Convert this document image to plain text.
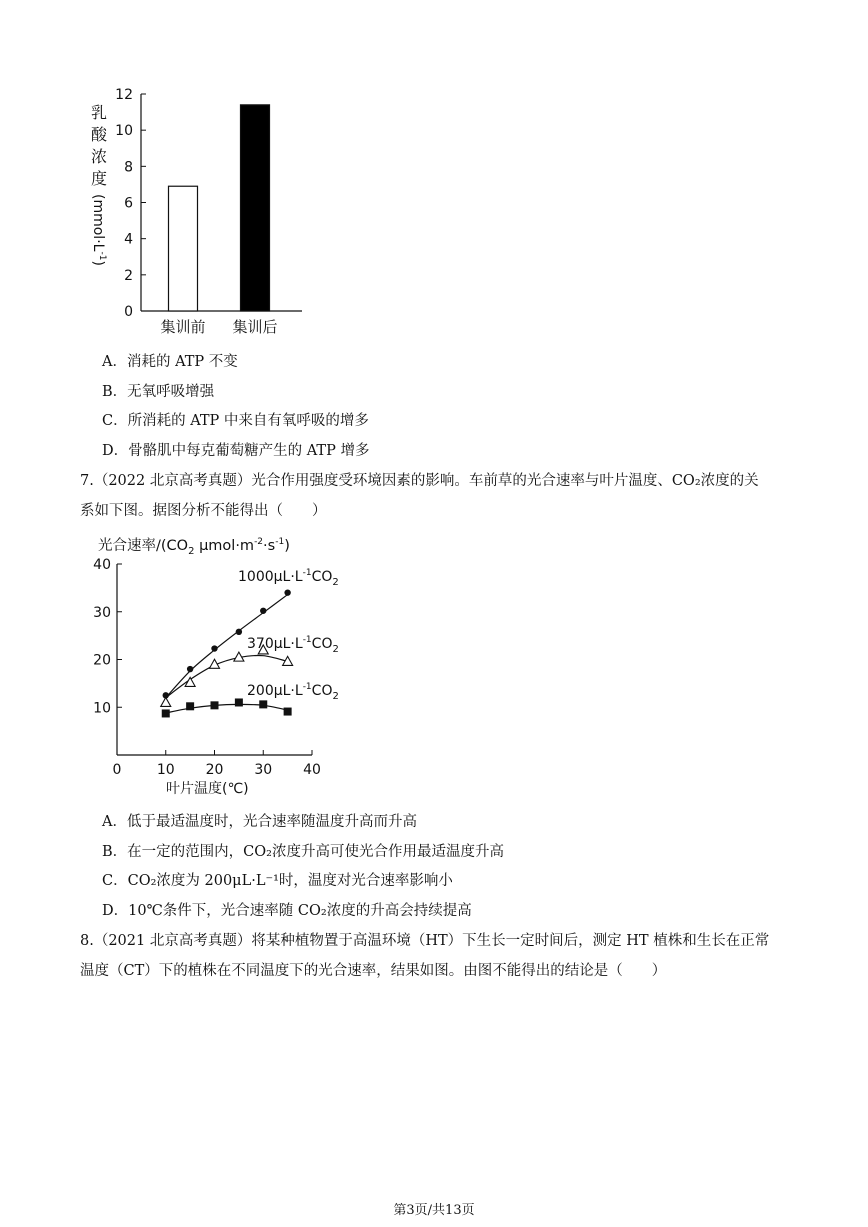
乳
酸
浓
度
$(mmol\cdot L^{-1})$
12
10
8
6
4
2
0
集训前 集训后
A．消耗的 ATP 不变
B．无氧呼吸增强
C．所消耗的 ATP 中来自有氧呼吸的增多
D．骨骼肌中每克葡萄糖产生的 ATP 增多
7.（2022 北京高考真题）光合作用强度受环境因素的影响。车前草的光合速率与叶片温度、CO₂浓度的关
系如下图。据图分析不能得出（　　）
光合速率$/(CO_2$ $\mu mol\cdot m^{-2}\cdot s^{-1}$)
40
30
20
10
0	10 20 30 40
$1000\mu L\cdot L^{-1}CO_2$
$370\mu L\cdot L^{-1}CO_2$
$200\mu L\cdot L^{-1}CO_2$
叶片温度(℃)
A．低于最适温度时，光合速率随温度升高而升高
B．在一定的范围内，CO₂浓度升高可使光合作用最适温度升高
C．CO₂浓度为 200μL·L⁻¹时，温度对光合速率影响小
D．10℃条件下，光合速率随 CO₂浓度的升高会持续提高
8.（2021 北京高考真题）将某种植物置于高温环境（HT）下生长一定时间后，测定 HT 植株和生长在正常
温度（CT）下的植株在不同温度下的光合速率，结果如图。由图不能得出的结论是（　　）
第3页/共13页
